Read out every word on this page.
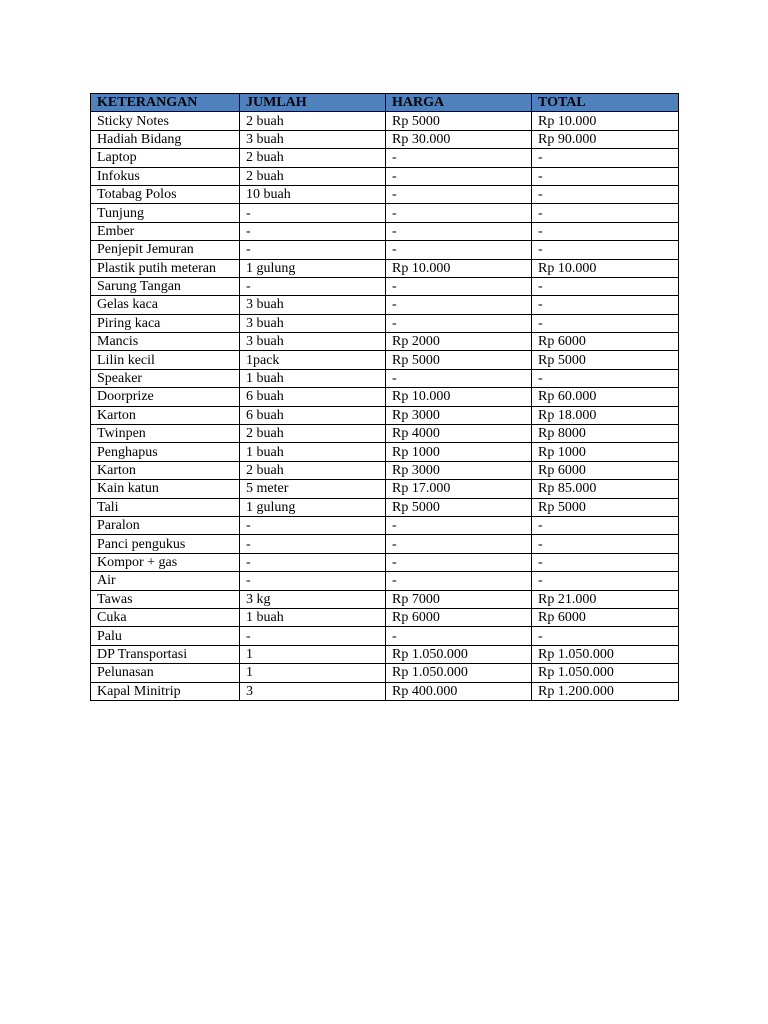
KETERANGAN	JUMLAH	HARGA	TOTAL
Sticky Notes	2 buah	Rp 5000	Rp 10.000
Hadiah Bidang	3 buah	Rp 30.000	Rp 90.000
Laptop	2 buah	-	-
Infokus	2 buah	-	-
Totabag Polos	10 buah	-	-
Tunjung	-	-	-
Ember	-	-	-
Penjepit Jemuran	-	-	-
Plastik putih meteran	1 gulung	Rp 10.000	Rp 10.000
Sarung Tangan	-	-	-
Gelas kaca	3 buah	-	-
Piring kaca	3 buah	-	-
Mancis	3 buah	Rp 2000	Rp 6000
Lilin kecil	1pack	Rp 5000	Rp 5000
Speaker	1 buah	-	-
Doorprize	6 buah	Rp 10.000	Rp 60.000
Karton	6 buah	Rp 3000	Rp 18.000
Twinpen	2 buah	Rp 4000	Rp 8000
Penghapus	1 buah	Rp 1000	Rp 1000
Karton	2 buah	Rp 3000	Rp 6000
Kain katun	5 meter	Rp 17.000	Rp 85.000
Tali	1 gulung	Rp 5000	Rp 5000
Paralon	-	-	-
Panci pengukus	-	-	-
Kompor + gas	-	-	-
Air	-	-	-
Tawas	3 kg	Rp 7000	Rp 21.000
Cuka	1 buah	Rp 6000	Rp 6000
Palu	-	-	-
DP Transportasi	1	Rp 1.050.000	Rp 1.050.000
Pelunasan	1	Rp 1.050.000	Rp 1.050.000
Kapal Minitrip	3	Rp 400.000	Rp 1.200.000
